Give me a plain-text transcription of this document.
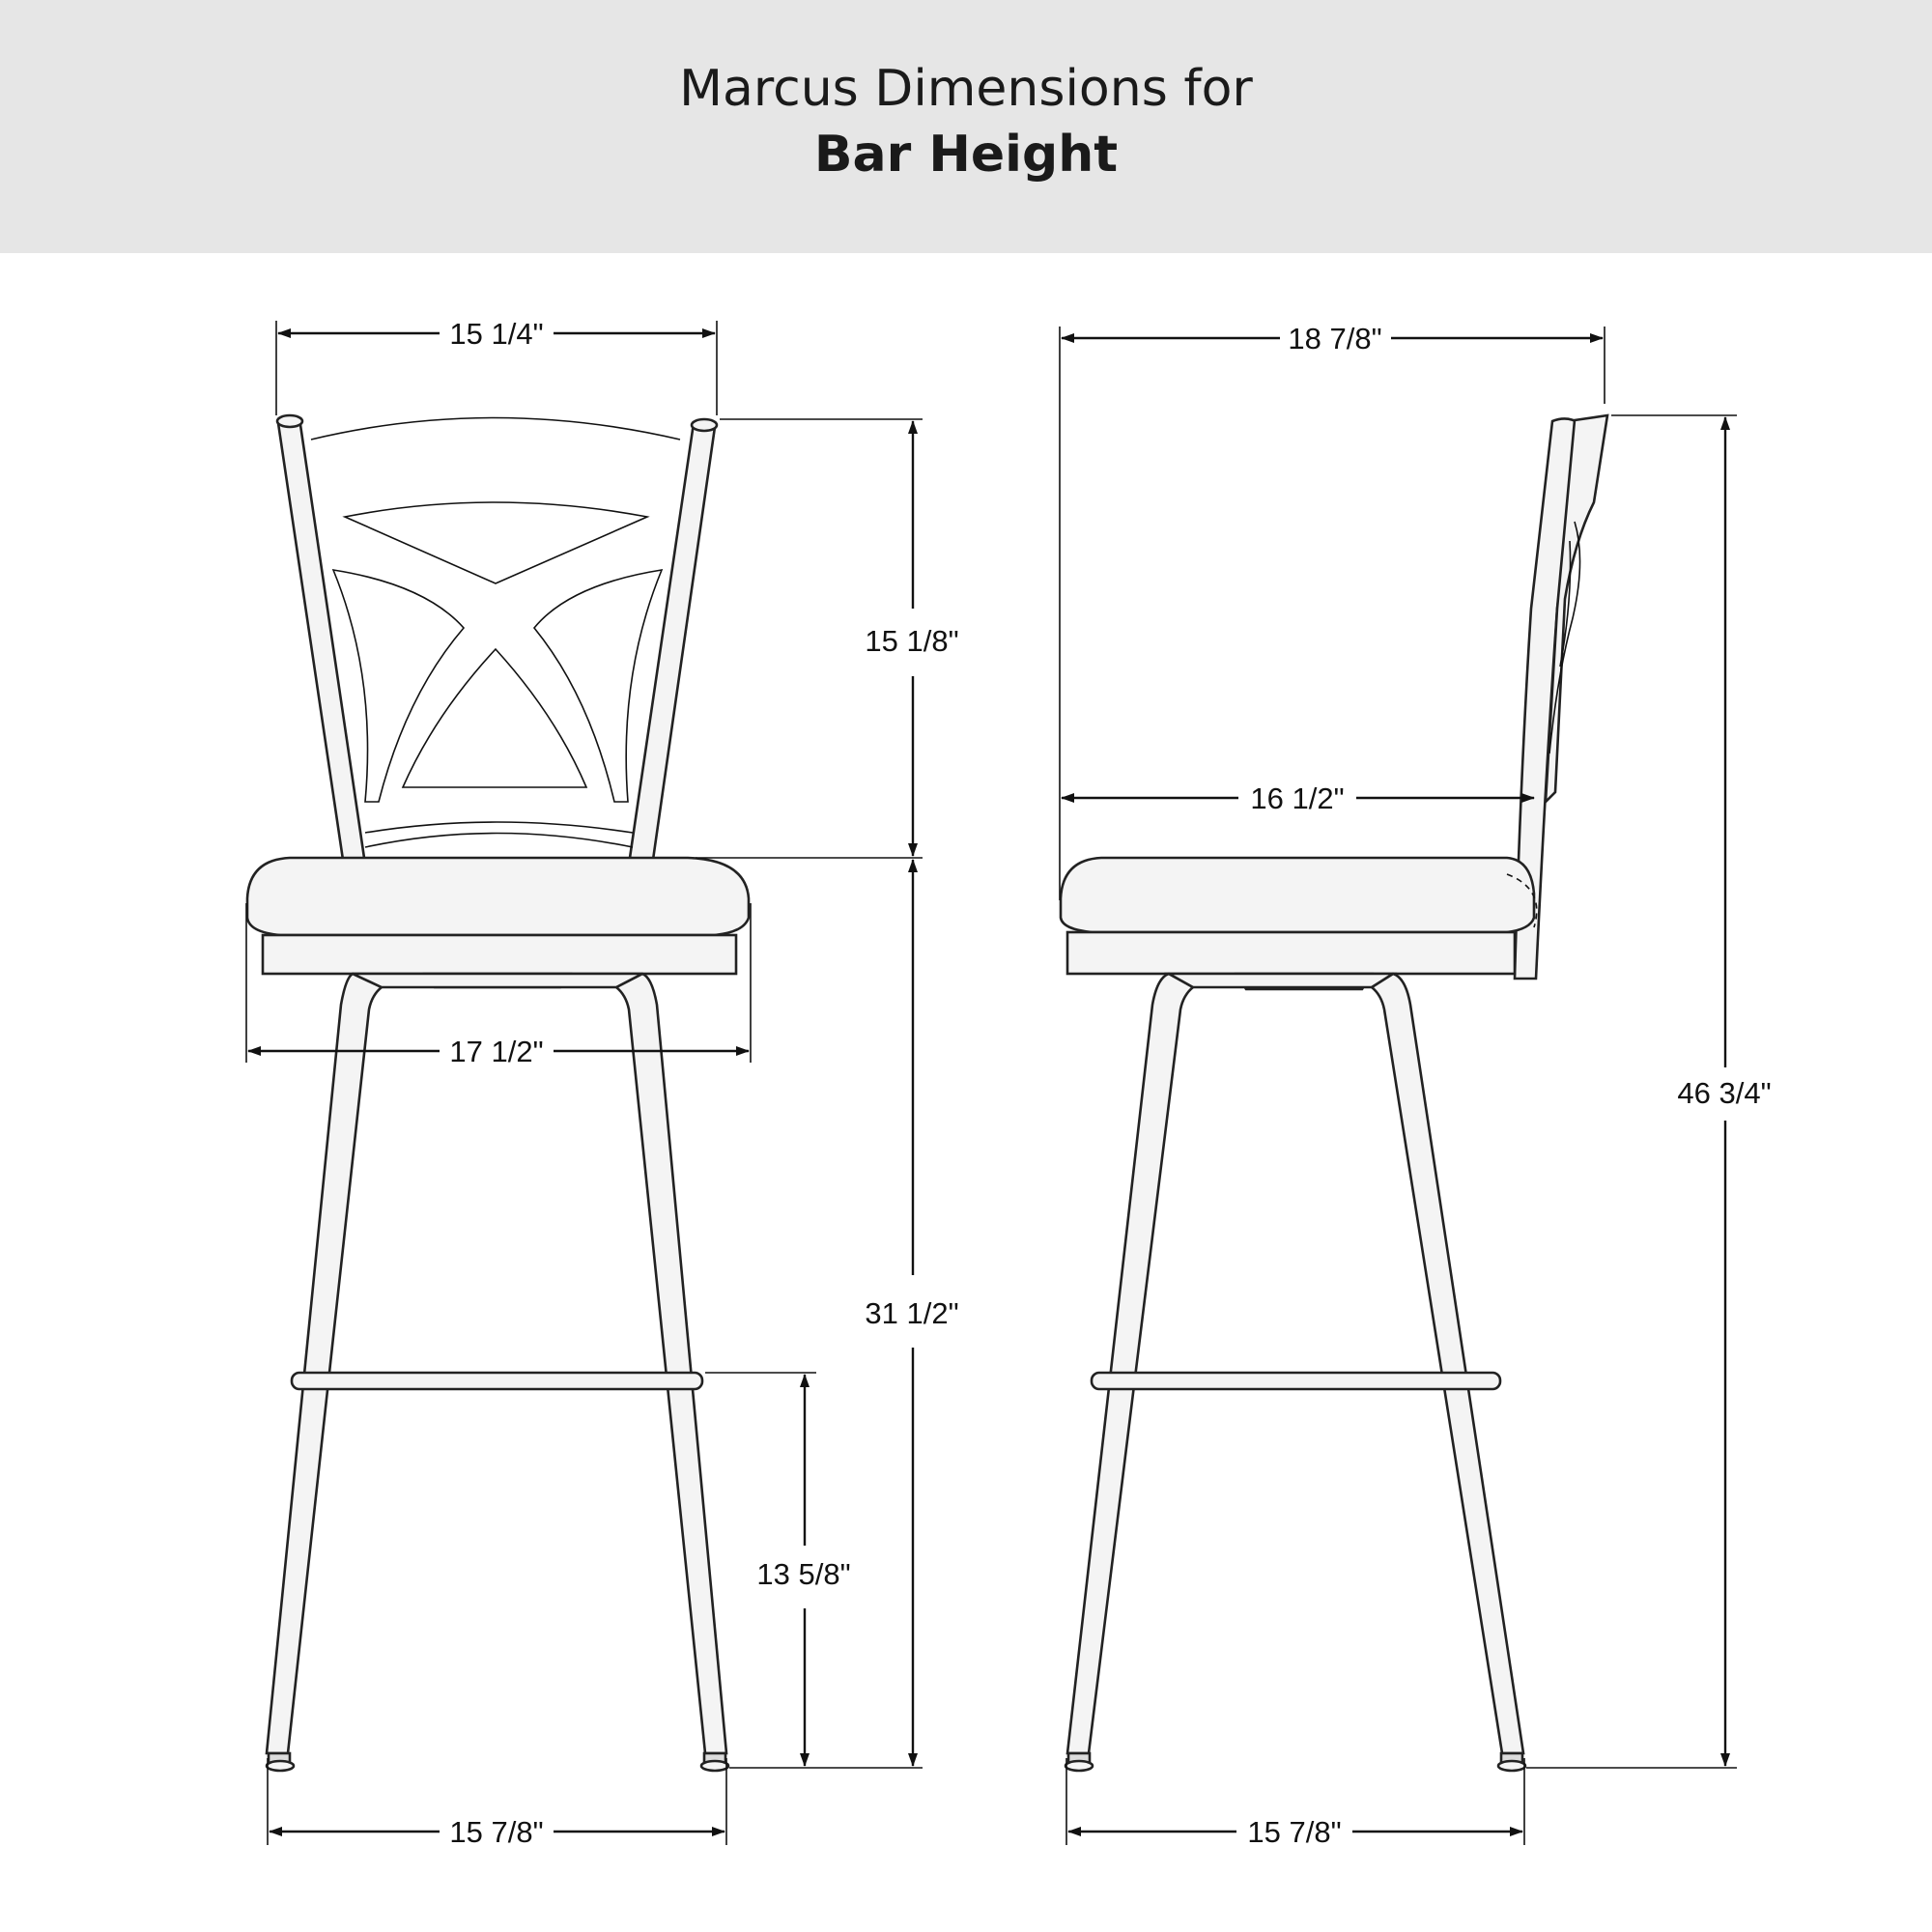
Marcus Dimensions for
Bar Height
15 1/4"
15 1/8"
31 1/2"
13 5/8"
17 1/2"
15 7/8"
18 7/8"
16 1/2"
46 3/4"
15 7/8"
